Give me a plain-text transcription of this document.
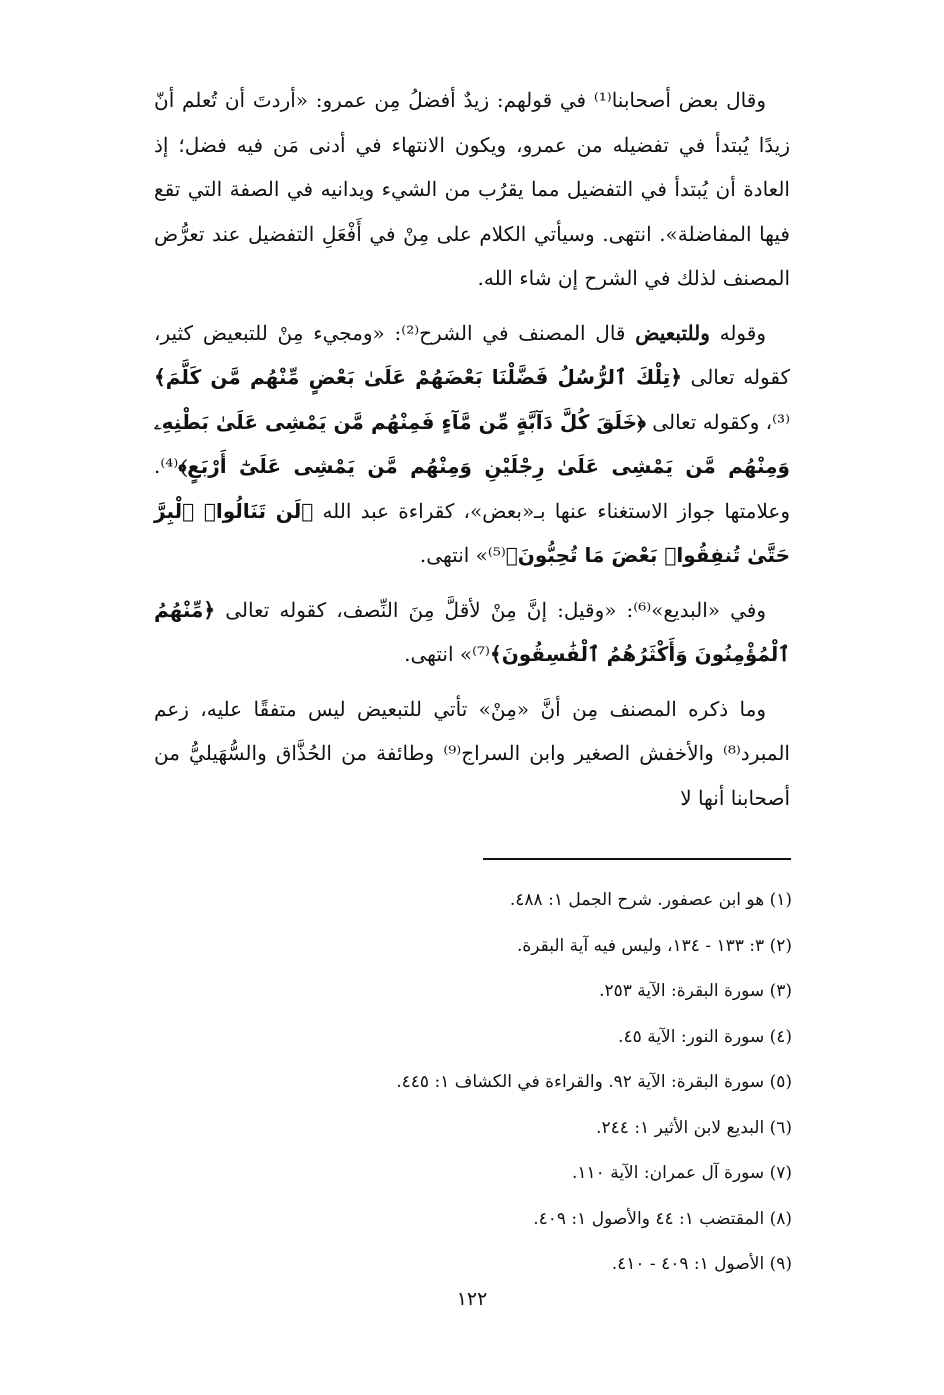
وقال بعض أصحابنا⁽¹⁾ في قولهم: زيدٌ أفضلُ مِن عمرو: «أردتَ أن تُعلم أنّ زيدًا يُبتدأ في تفضيله من عمرو، ويكون الانتهاء في أدنى مَن فيه فضل؛ إذ العادة أن يُبتدأ في التفضيل مما يقرُب من الشيء ويدانيه في الصفة التي تقع فيها المفاضلة». انتهى. وسيأتي الكلام على مِنْ في أَفْعَلِ التفضيل عند تعرُّض المصنف لذلك في الشرح إن شاء الله.

وقوله وللتبعيض قال المصنف في الشرح⁽²⁾: «ومجيء مِنْ للتبعيض كثير، كقوله تعالى ﴿تِلْكَ ٱلرُّسُلُ فَضَّلْنَا بَعْضَهُمْ عَلَىٰ بَعْضٍ مِّنْهُم مَّن كَلَّمَ﴾⁽³⁾، وكقوله تعالى ﴿خَلَقَ كُلَّ دَآبَّةٍ مِّن مَّآءٍ فَمِنْهُم مَّن يَمْشِى عَلَىٰ بَطْنِهِۦ وَمِنْهُم مَّن يَمْشِى عَلَىٰ رِجْلَيْنِ وَمِنْهُم مَّن يَمْشِى عَلَىٰٓ أَرْبَعٍ﴾⁽⁴⁾. وعلامتها جواز الاستغناء عنها بـ«بعض»، كقراءة عبد الله ﴿لَن تَنَالُوا۟ ٱلْبِرَّ حَتَّىٰ تُنفِقُوا۟ بَعْضَ مَا تُحِبُّونَ﴾⁽⁵⁾» انتهى.

وفي «البديع»⁽⁶⁾: «وقيل: إنَّ مِنْ لأقلَّ مِنَ النِّصف، كقوله تعالى ﴿مِّنْهُمُ ٱلْمُؤْمِنُونَ وَأَكْثَرُهُمُ ٱلْفَٰسِقُونَ﴾⁽⁷⁾» انتهى.

وما ذكره المصنف مِن أنَّ «مِنْ» تأتي للتبعيض ليس متفقًا عليه، زعم المبرد⁽⁸⁾ والأخفش الصغير وابن السراج⁽⁹⁾ وطائفة من الحُذَّاق والسُّهَيليُّ من أصحابنا أنها لا

(١) هو ابن عصفور. شرح الجمل ١: ٤٨٨.
(٢) ٣: ١٣٣ - ١٣٤، وليس فيه آية البقرة.
(٣) سورة البقرة: الآية ٢٥٣.
(٤) سورة النور: الآية ٤٥.
(٥) سورة البقرة: الآية ٩٢. والقراءة في الكشاف ١: ٤٤٥.
(٦) البديع لابن الأثير ١: ٢٤٤.
(٧) سورة آل عمران: الآية ١١٠.
(٨) المقتضب ١: ٤٤ والأصول ١: ٤٠٩.
(٩) الأصول ١: ٤٠٩ - ٤١٠.
١٢٢
